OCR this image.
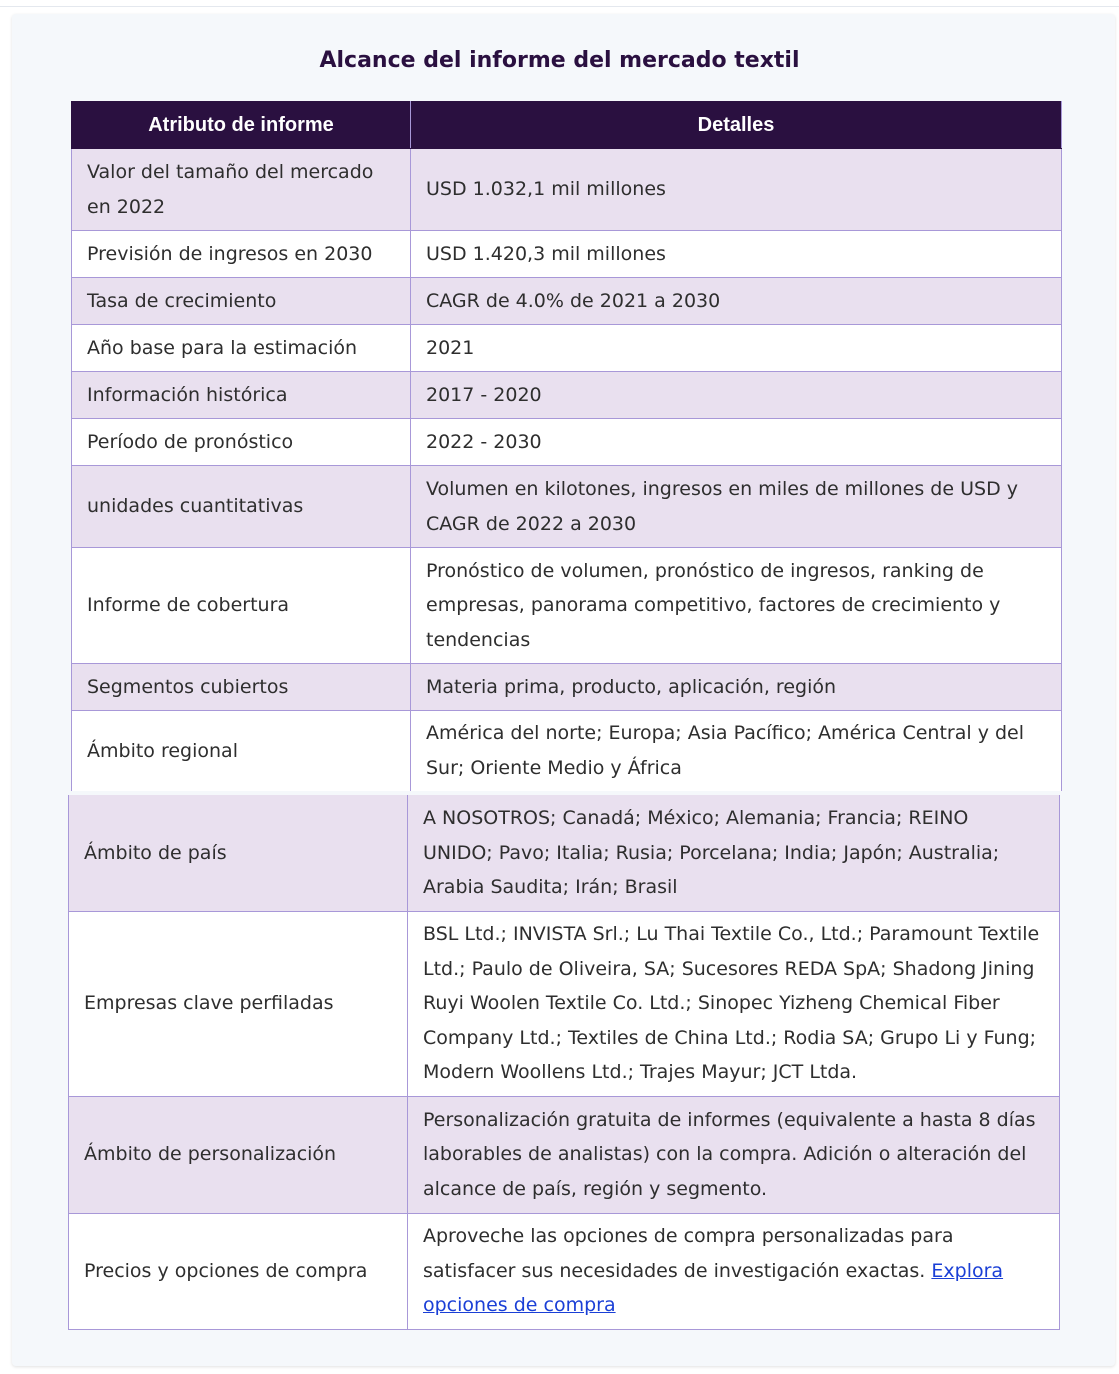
Alcance del informe del mercado textil
Atributo de informe	Detalles
Valor del tamaño del mercado en 2022	USD 1.032,1 mil millones
Previsión de ingresos en 2030	USD 1.420,3 mil millones
Tasa de crecimiento	CAGR de 4.0% de 2021 a 2030
Año base para la estimación	2021
Información histórica	2017 - 2020
Período de pronóstico	2022 - 2030
unidades cuantitativas	Volumen en kilotones, ingresos en miles de millones de USD y CAGR de 2022 a 2030
Informe de cobertura	Pronóstico de volumen, pronóstico de ingresos, ranking de empresas, panorama competitivo, factores de crecimiento y tendencias
Segmentos cubiertos	Materia prima, producto, aplicación, región
Ámbito regional	América del norte; Europa; Asia Pacífico; América Central y del Sur; Oriente Medio y África
Ámbito de país	A NOSOTROS; Canadá; México; Alemania; Francia; REINO UNIDO; Pavo; Italia; Rusia; Porcelana; India; Japón; Australia; Arabia Saudita; Irán; Brasil
Empresas clave perfiladas	BSL Ltd.; INVISTA Srl.; Lu Thai Textile Co., Ltd.; Paramount Textile Ltd.; Paulo de Oliveira, SA; Sucesores REDA SpA; Shadong Jining Ruyi Woolen Textile Co. Ltd.; Sinopec Yizheng Chemical Fiber Company Ltd.; Textiles de China Ltd.; Rodia SA; Grupo Li y Fung; Modern Woollens Ltd.; Trajes Mayur; JCT Ltda.
Ámbito de personalización	Personalización gratuita de informes (equivalente a hasta 8 días laborables de analistas) con la compra. Adición o alteración del alcance de país, región y segmento.
Precios y opciones de compra	Aproveche las opciones de compra personalizadas para satisfacer sus necesidades de investigación exactas. Explora opciones de compra
